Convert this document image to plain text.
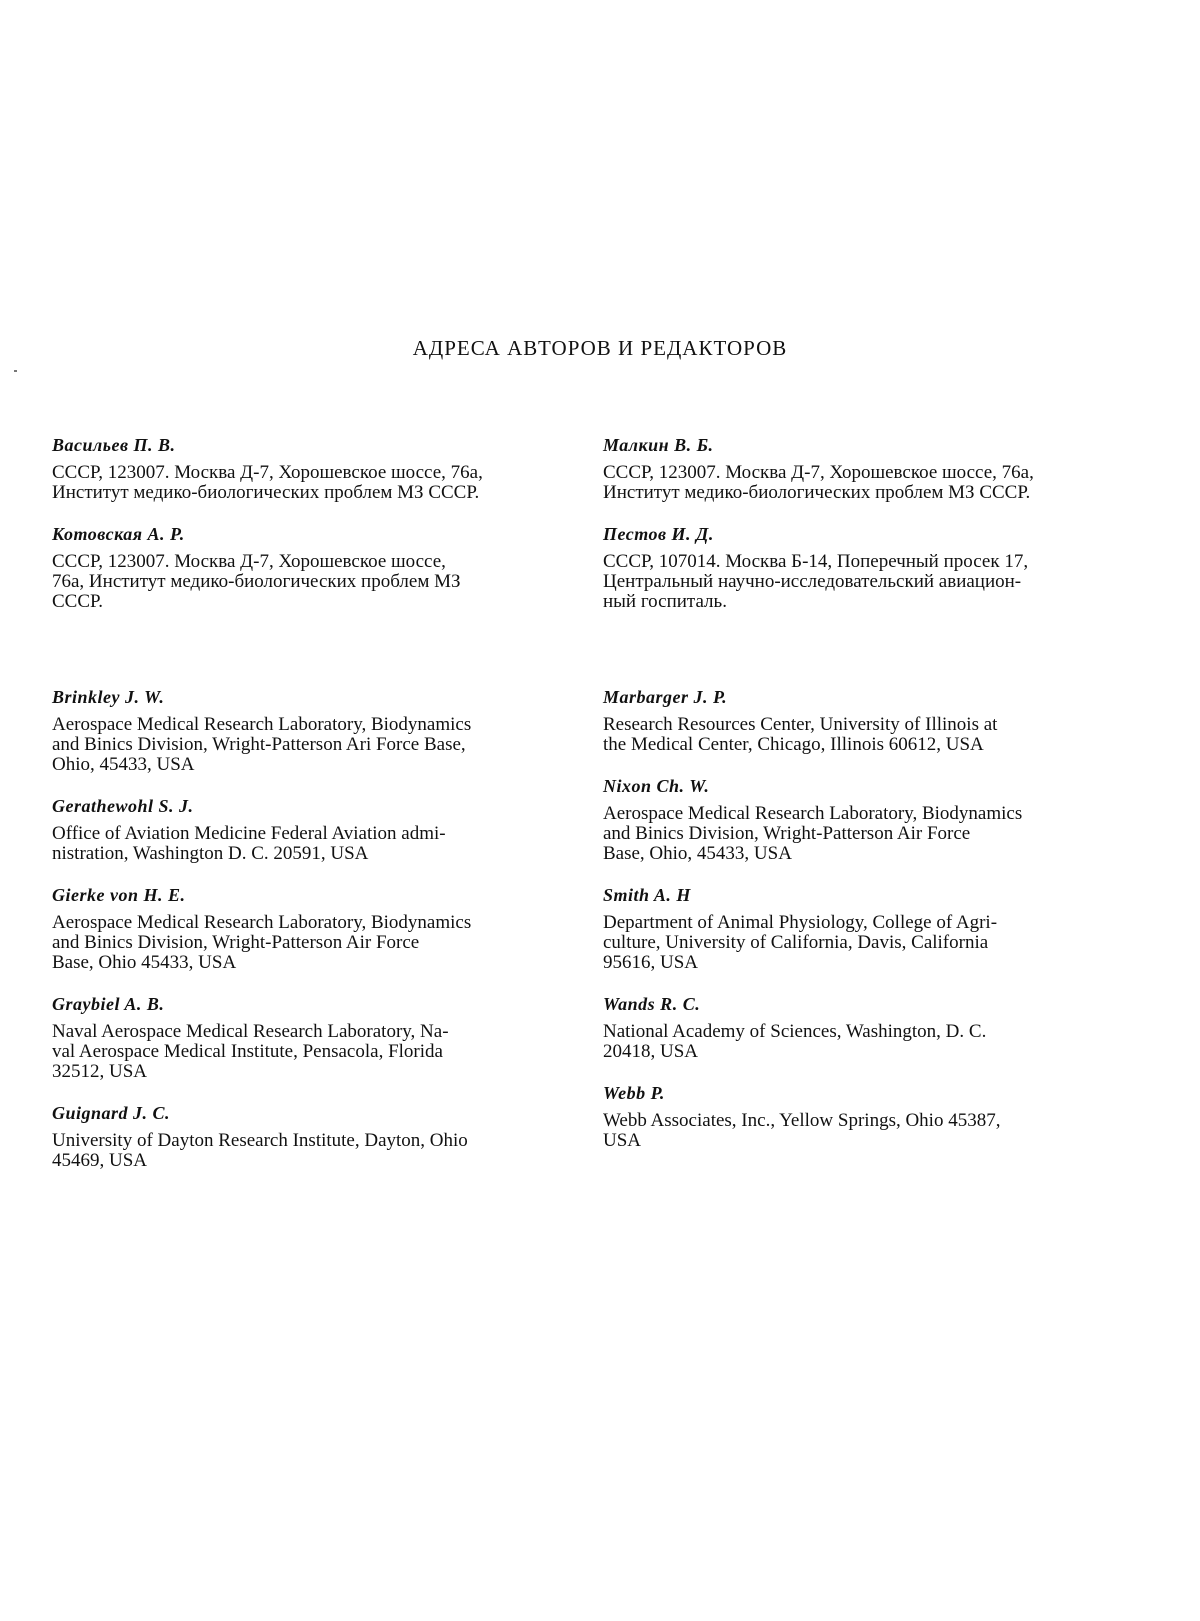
АДРЕСА АВТОРОВ И РЕДАКТОРОВ

Васильев П. В.

СССР, 123007. Москва Д-7, Хорошевское шоссе, 76а,
Институт медико-биологических проблем МЗ СССР.

Котовская А. Р.

СССР, 123007. Москва Д-7, Хорошевское шоссе,
76а, Институт медико-биологических проблем МЗ
СССР.

Brinkley J. W.

Aerospace Medical Research Laboratory, Biodynamics
and Binics Division, Wright-Patterson Ari Force Base,
Ohio, 45433, USA

Gerathewohl S. J.

Office of Aviation Medicine Federal Aviation admi-
nistration, Washington D. C. 20591, USA

Gierke von H. E.

Aerospace Medical Research Laboratory, Biodynamics
and Binics Division, Wright-Patterson Air Force
Base, Ohio 45433, USA

Graybiel A. B.

Naval Aerospace Medical Research Laboratory, Na-
val Aerospace Medical Institute, Pensacola, Florida
32512, USA

Guignard J. C.

University of Dayton Research Institute, Dayton, Ohio
45469, USA

Малкин В. Б.

СССР, 123007. Москва Д-7, Хорошевское шоссе, 76а,
Институт медико-биологических проблем МЗ СССР.

Пестов И. Д.

СССР, 107014. Москва Б-14, Поперечный просек 17,
Центральный научно-исследовательский авиацион-
ный госпиталь.

Marbarger J. P.

Research Resources Center, University of Illinois at
the Medical Center, Chicago, Illinois 60612, USA

Nixon Ch. W.

Aerospace Medical Research Laboratory, Biodynamics
and Binics Division, Wright-Patterson Air Force
Base, Ohio, 45433, USA

Smith A. H

Department of Animal Physiology, College of Agri-
culture, University of California, Davis, California
95616, USA

Wands R. C.

National Academy of Sciences, Washington, D. C.
20418, USA

Webb P.

Webb Associates, Inc., Yellow Springs, Ohio 45387,
USA
